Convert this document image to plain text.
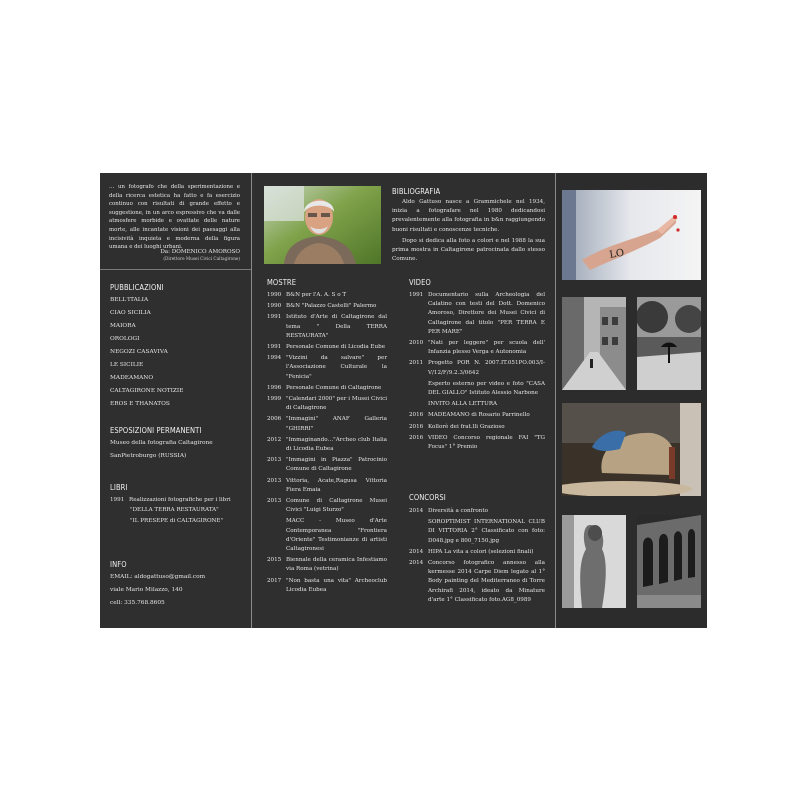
… un fotografo che della sperimentazione e della ricerca estetica ha fatto e fa esercizio continuo con risultati di grande effetto e suggestione, in un arco espressivo che va dalle atmosfere morbide e ovattate delle nature morte, alle incantate visioni dei paesaggi alla incisività inquieta e moderna della figura umana e dei luoghi urbani.
Da: DOMENICO AMOROSO
(Direttore Musei Civici Caltagirone)
PUBBLICAZIONI
BELL'ITALIA
CIAO SICILIA
MAIORA
OROLOGI
NEGOZI CASAVIVA
LE SICILIE
MADEAMANO
CALTAGIRONE NOTIZIE
EROS E THANATOS
ESPOSIZIONI PERMANENTI
Museo della fotografia Caltagirone
SanPietroburgo (RUSSIA)
LIBRI
1991 Realizzazioni fotografiche per i libri
"DELLA TERRA RESTAURATA"
"IL PRESEPE di CALTAGIRONE"
INFO
EMAIL: aldogattuso@gmail.com
viale Mario Milazzo, 140
cell: 335.768.8605
BIBLIOGRAFIA
Aldo Gattuso nasce a Grammichele nel 1934, inizia a fotografare nel 1980 dedicandosi prevalentemente alla fotografia in b&n raggiungendo buoni risultati e conoscenze tecniche.
Dopo si dedica alla foto a colori e nel 1988 la sua prima mostra in Caltagirone patrocinata dallo stesso Comune.
MOSTRE
1990 B&N per l'A. A. S o T
1990 B&N "Palazzo Castelli" Palermo
1991 Istituto d'Arte di Caltagirone dal tema " Della TERRA RESTAURATA"
1991 Personale Comune di Licodia Eube
1994 "Vizzini da salvare" per l'Associazione Culturale la "Fenicia"
1996 Personale Comune di Caltagirone
1999 "Calendari 2000" per i Musei Civici di Caltagirone
2006 "Immagini" ANAF Galleria "GHIRRI"
2012 "Immaginando…"Archeo club Italia di Licodia Eubea
2013 "Immagini in Piazza" Patrocinio Comune di Caltagirone
2013 Vittoria, Acate,Ragusa Vittoria Fiera Emaia
2013 Comune di Caltagirone Musei Civici "Luigi Sturzo"
MACC - Museo d'Arte Contemporanea "Frontiera d'Oriente" Testimonianze di artisti Caltagironesi
2015 Biennale della ceramica Infestiamo via Roma (vetrina)
2017 "Non basta una vita" Archeoclub Licodia Eubea
VIDEO
1991 Documentario sulla Archeologia del Calatino con testi del Dott. Domenico Amoroso, Direttore dei Musei Civici di Caltagirone dal titolo "PER TERRA E PER MARE"
2010 "Nati per leggere" per scuola dell' Infanzia plesso Verga e Autonomia
2011 Progetto POR N. 2007.IT.051PO.003/I-V/12/F/9.2.3/0642
Esperto esterno per video e foto "CASA DEL GIALLO" Istituto Alessio Narbone
INVITO ALLA LETTURA
2016 MADEAMANO di Rosario Parrinello
2016 Kollorè dei frat.lli Grazioso
2016 VIDEO Concorso regionale FAI "TG Focus" 1° Premio
CONCORSI
2014 Diversità a confronto
SOROPTIMIST INTERNATIONAL CLUB DI VITTORIA 2° Classificato con foto: D048.jpg e 800_7150.jpg
2014 HIPA La vita a colori (selezioni finali)
2014 Concorso fotografico annesso alla kermesse 2014 Carpe Diem legato al 1° Body painting del Mediterraneo di Torre Archirafi 2014, ideato da Minature d'arte 1° Classificato foto.AG8_0989
LO
